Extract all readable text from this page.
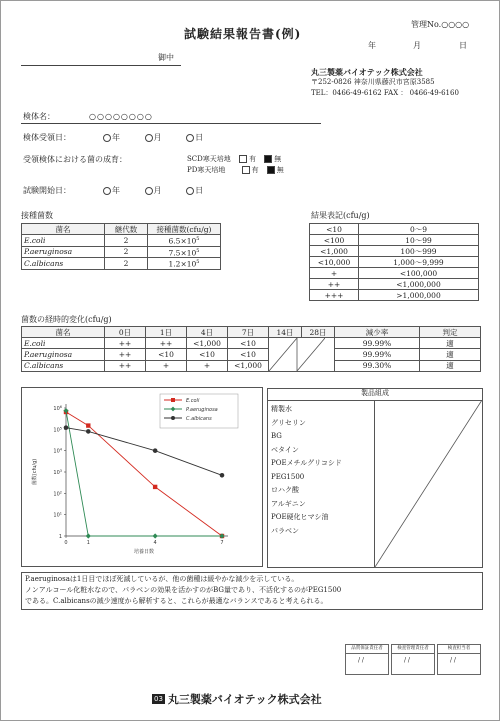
試験結果報告書(例)
管理No.○○○○
年	月	日
御中
丸三製薬バイオテック株式会社
〒252-0826 神奈川県藤沢市宮原3585
TEL：0466-49-6162 FAX ： 0466-49-6160
検体名：	○○○○○○○○
検体受領日：	年	月	日
受領検体における菌の成育：	SCD寒天培地	有	無
PD寒天培地	有	無
試験開始日：	年	月	日
接種菌数
菌名	継代数	接種菌数(cfu/g)
E.coli	2	$6.5\times 10^5$
P.aeruginosa	2	$7.5\times 10^5$
C.albicans	2	$1.2\times 10^5$
結果表記(cfu/g)
<10	0～9
<100	10～99
<1,000	100～999
<10,000	1,000～9,999
+	<100,000
++	<1,000,000
+++	>1,000,000
菌数の経時的変化(cfu/g)
菌名	0日	1日	4日	7日	14日	28日	減少率	判定
E.coli	++	++	<1,000	<10			99.99%	適
P.aeruginosa	++	<10	<10	<10			99.99%	適
C.albicans	++	+	+	<1,000			99.30%	適
$10^6$
$10^5$
$10^4$
$10^3$
$10^2$
$10^1$
1
0	1	4	7
培養日数
菌数(cfu/g)
E.coli
P.aeruginosa
C.albicans
製品組成
精製水
グリセリン
BG
ベタイン
POEメチルグリコシド
PEG1500
ロハク酸
アルギニン
POE硬化ヒマシ油
パラベン
P.aeruginosaは1日目でほぼ死滅しているが、他の菌種は緩やかな減少を示している。
ノンアルコール化粧水なので、パラベンの効果を活かすのがBG量であり、不活化するのがPEG1500
である。C.albicansの減少速度から解析すると、これらが最適なバランスであると考えられる。
品質保証責任者
/ /
検査管理責任者
/ /
検査担当者
/ /
03 丸三製薬バイオテック株式会社
